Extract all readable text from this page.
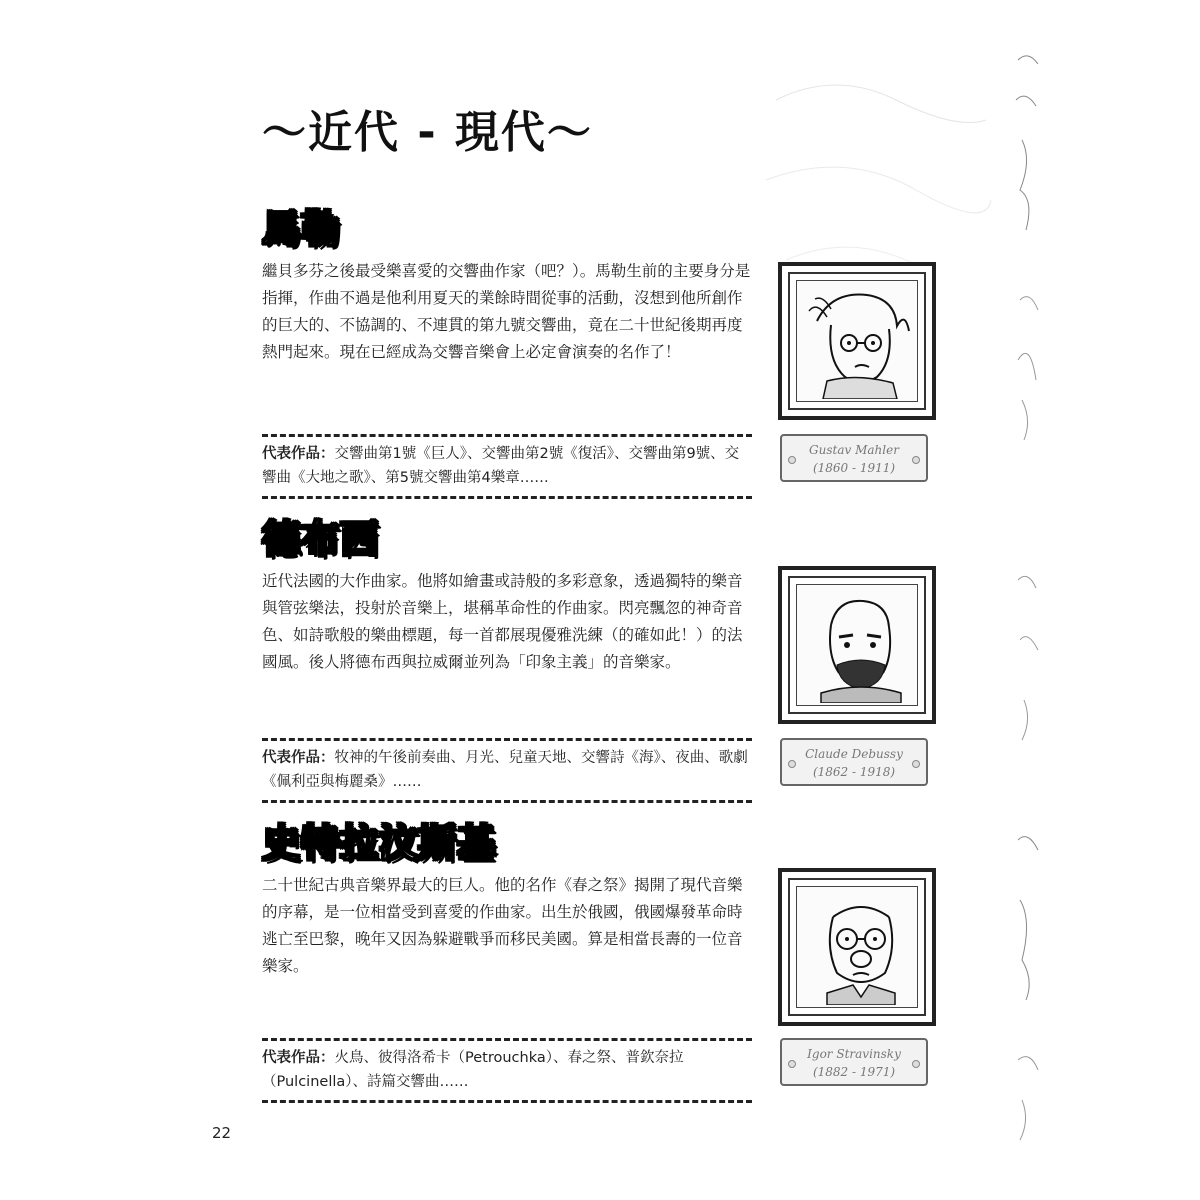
～近代 - 現代～
馬勒

繼貝多芬之後最受樂喜愛的交響曲作家（吧？）。馬勒生前的主要身分是指揮，作曲不過是他利用夏天的業餘時間從事的活動，沒想到他所創作的巨大的、不協調的、不連貫的第九號交響曲，竟在二十世紀後期再度熱門起來。現在已經成為交響音樂會上必定會演奏的名作了！

代表作品：交響曲第1號《巨人》、交響曲第2號《復活》、交響曲第9號、交響曲《大地之歌》、第5號交響曲第4樂章……
Gustav Mahler
(1860 - 1911)
德布西

近代法國的大作曲家。他將如繪畫或詩般的多彩意象，透過獨特的樂音與管弦樂法，投射於音樂上，堪稱革命性的作曲家。閃亮飄忽的神奇音色、如詩歌般的樂曲標題，每一首都展現優雅洗練（的確如此！）的法國風。後人將德布西與拉威爾並列為「印象主義」的音樂家。

代表作品：牧神的午後前奏曲、月光、兒童天地、交響詩《海》、夜曲、歌劇《佩利亞與梅麗桑》……
Claude Debussy
(1862 - 1918)
史特拉汶斯基

二十世紀古典音樂界最大的巨人。他的名作《春之祭》揭開了現代音樂的序幕，是一位相當受到喜愛的作曲家。出生於俄國，俄國爆發革命時逃亡至巴黎，晚年又因為躲避戰爭而移民美國。算是相當長壽的一位音樂家。

代表作品：火鳥、彼得洛希卡（Petrouchka）、春之祭、普欽奈拉（Pulcinella）、詩篇交響曲……
Igor Stravinsky
(1882 - 1971)
22
